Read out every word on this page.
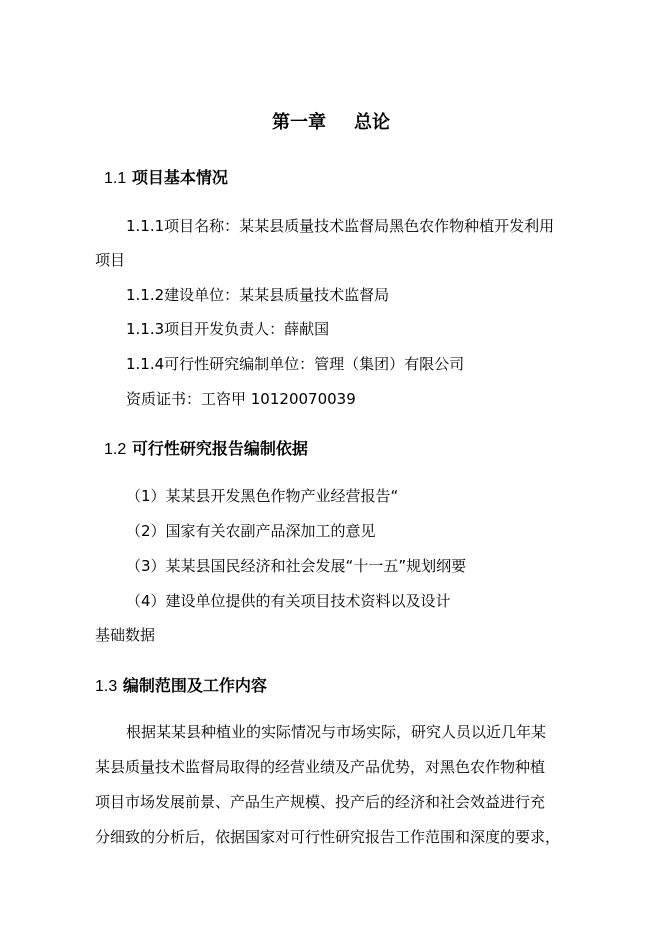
第一章 总论
1.1 项目基本情况
1.1.1项目名称：某某县质量技术监督局黑色农作物种植开发利用
项目
1.1.2建设单位：某某县质量技术监督局
1.1.3项目开发负责人：薛献国
1.1.4可行性研究编制单位：管理（集团）有限公司
资质证书：工咨甲 10120070039
1.2 可行性研究报告编制依据
（1）某某县开发黑色作物产业经营报告“
（2）国家有关农副产品深加工的意见
（3）某某县国民经济和社会发展“十一五”规划纲要
（4）建设单位提供的有关项目技术资料以及设计
基础数据
1.3 编制范围及工作内容
根据某某县种植业的实际情况与市场实际，研究人员以近几年某
某县质量技术监督局取得的经营业绩及产品优势，对黑色农作物种植
项目市场发展前景、产品生产规模、投产后的经济和社会效益进行充
分细致的分析后，依据国家对可行性研究报告工作范围和深度的要求，
